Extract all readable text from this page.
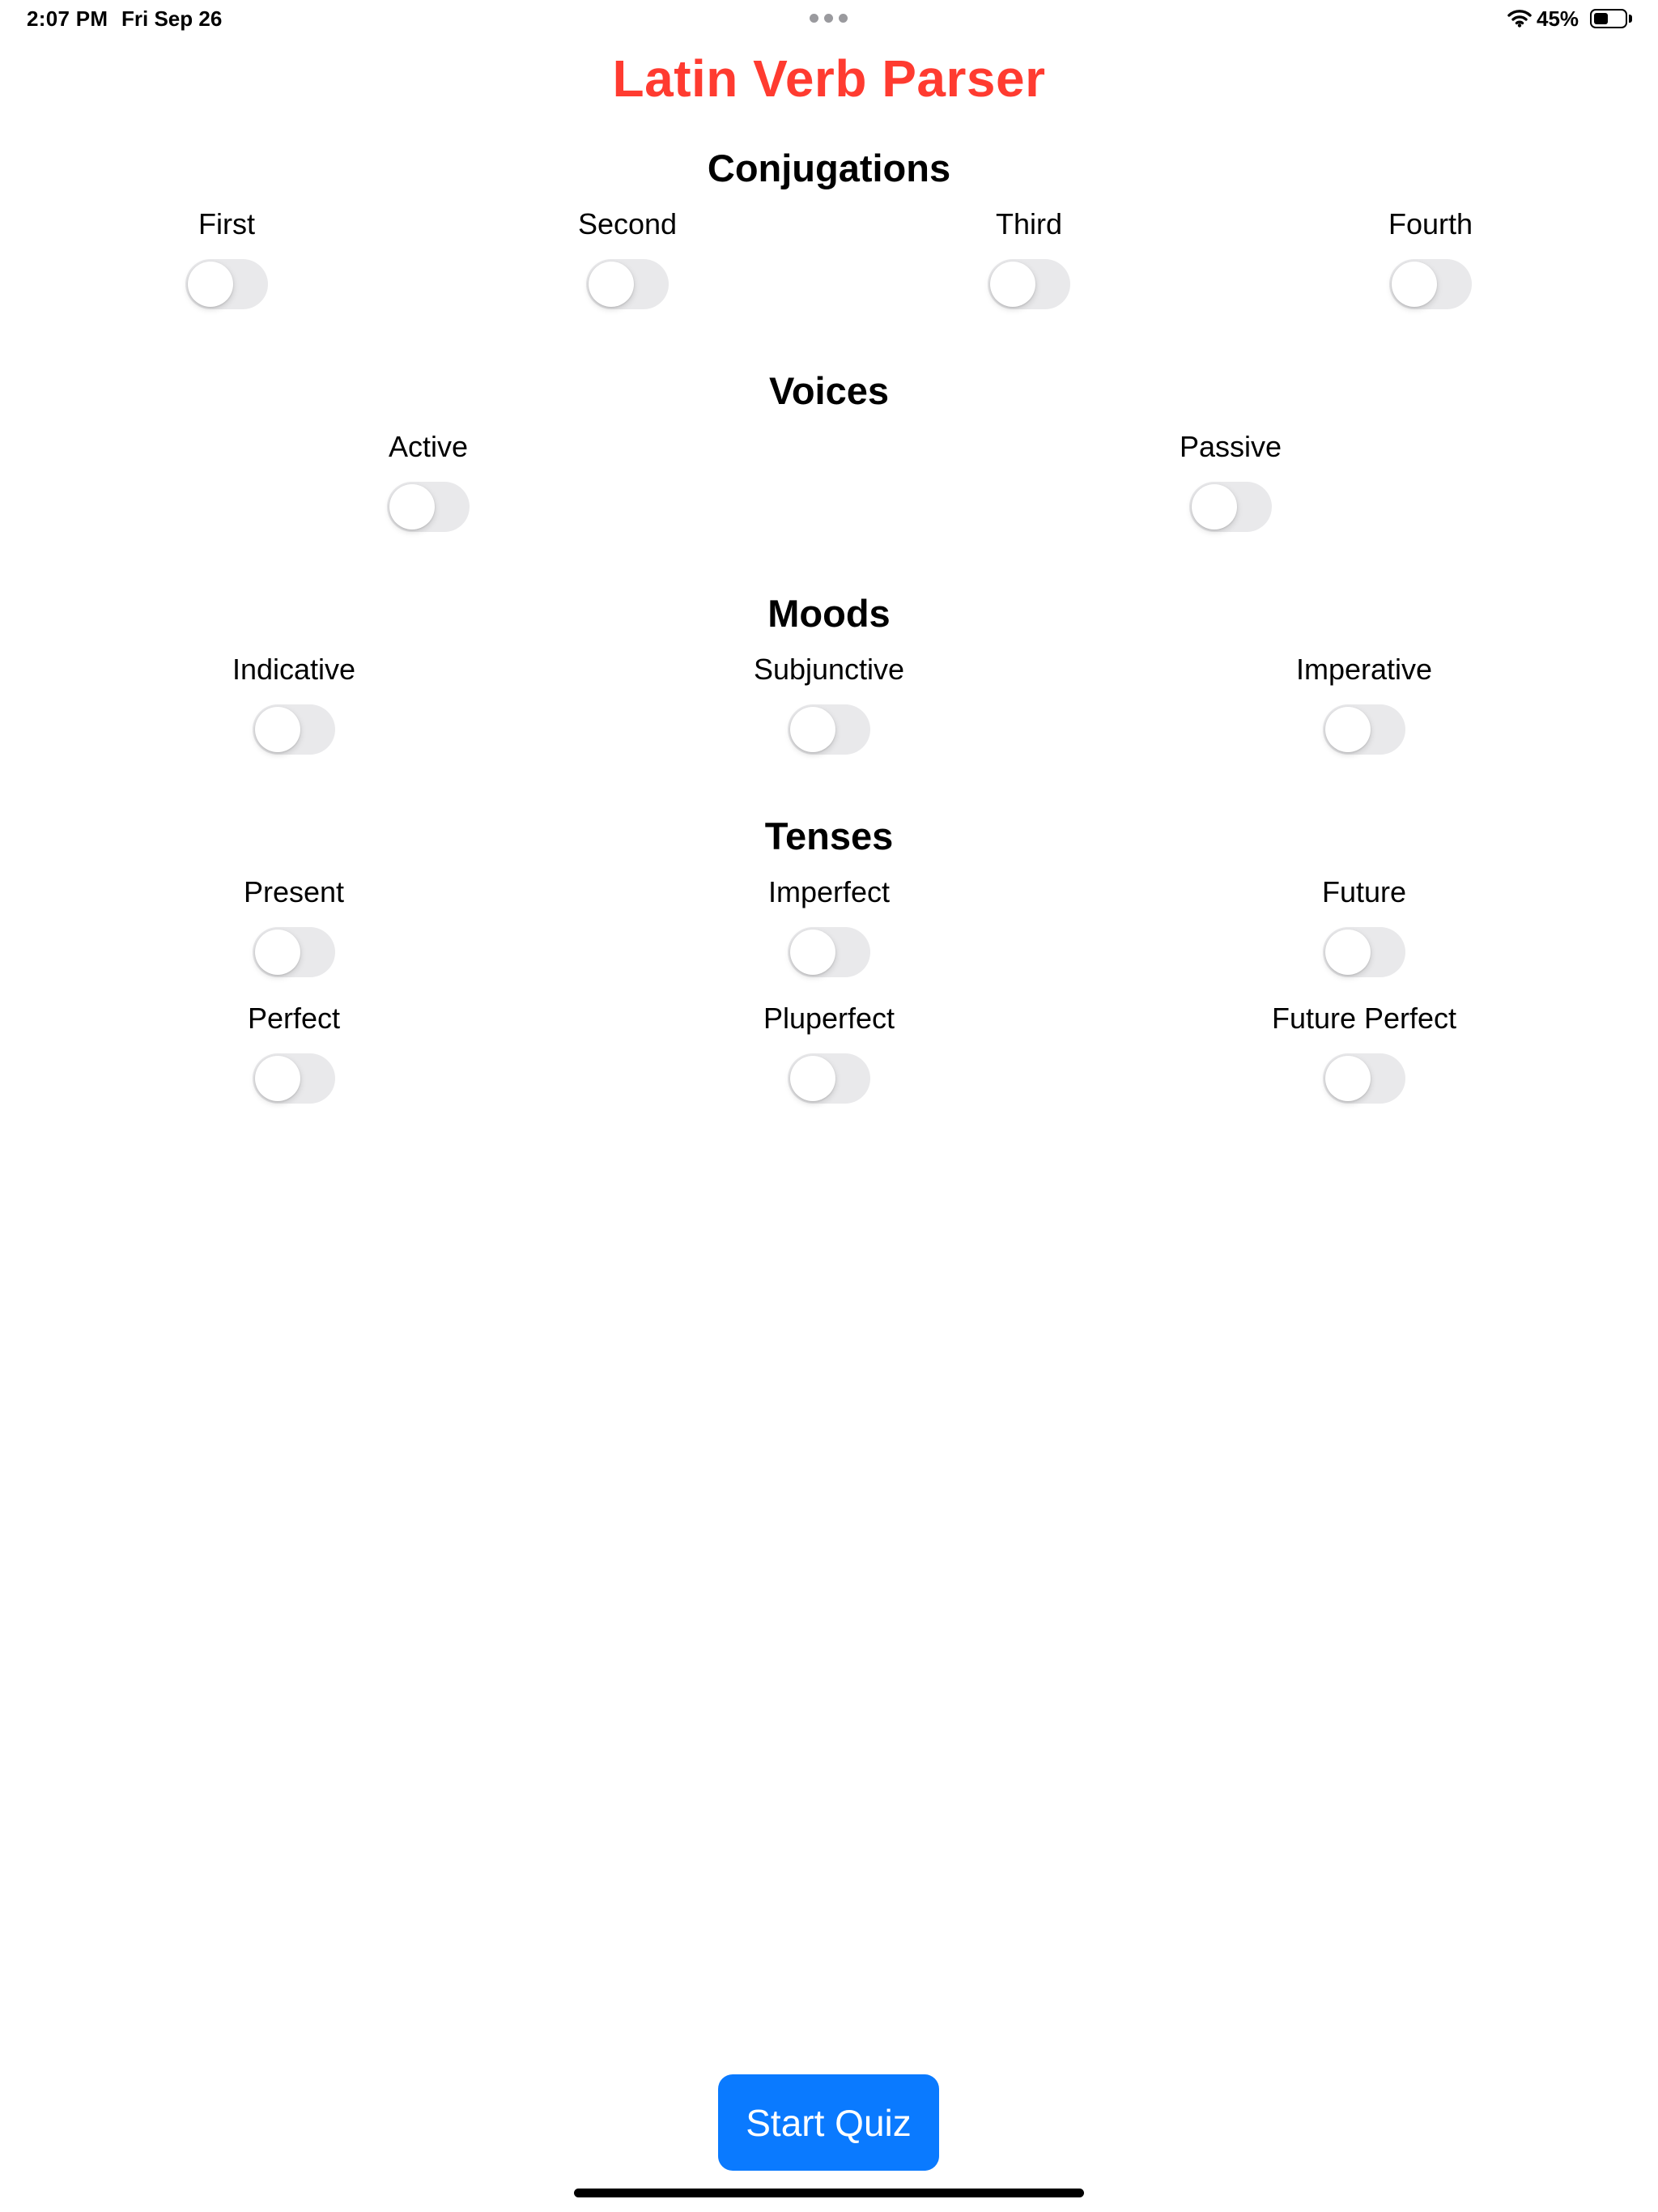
2:07 PM Fri Sep 26	45%
Latin Verb Parser
Conjugations
First	Second	Third	Fourth
Voices
Active	Passive
Moods
Indicative	Subjunctive	Imperative
Tenses
Present	Imperfect	Future
Perfect	Pluperfect	Future Perfect
Start Quiz
